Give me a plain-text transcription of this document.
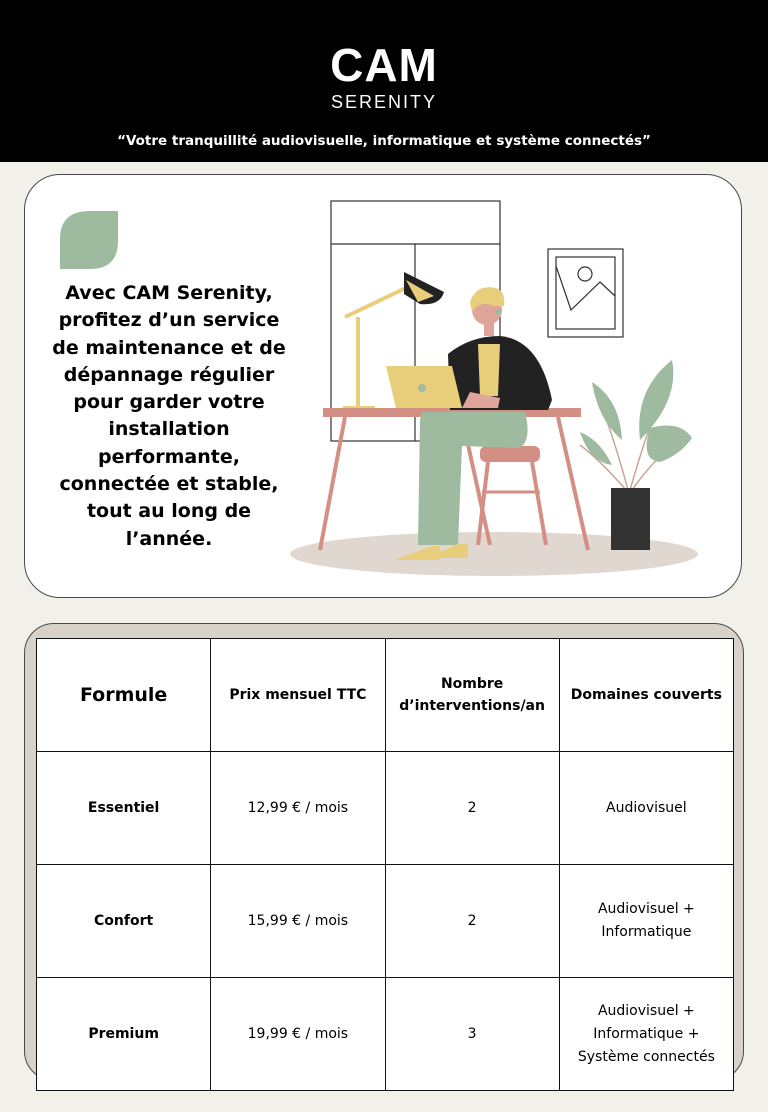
CAM
SERENITY
“Votre tranquillité audiovisuelle, informatique et système connectés”
Avec CAM Serenity, profitez d’un service de maintenance et de dépannage régulier pour garder votre installation performante, connectée et stable, tout au long de l’année.
Formule	Prix mensuel TTC	Nombre d’interventions/an	Domaines couverts
Essentiel	12,99 € / mois	2	Audiovisuel
Confort	15,99 € / mois	2	Audiovisuel + Informatique
Premium	19,99 € / mois	3	Audiovisuel + Informatique + Système connectés
